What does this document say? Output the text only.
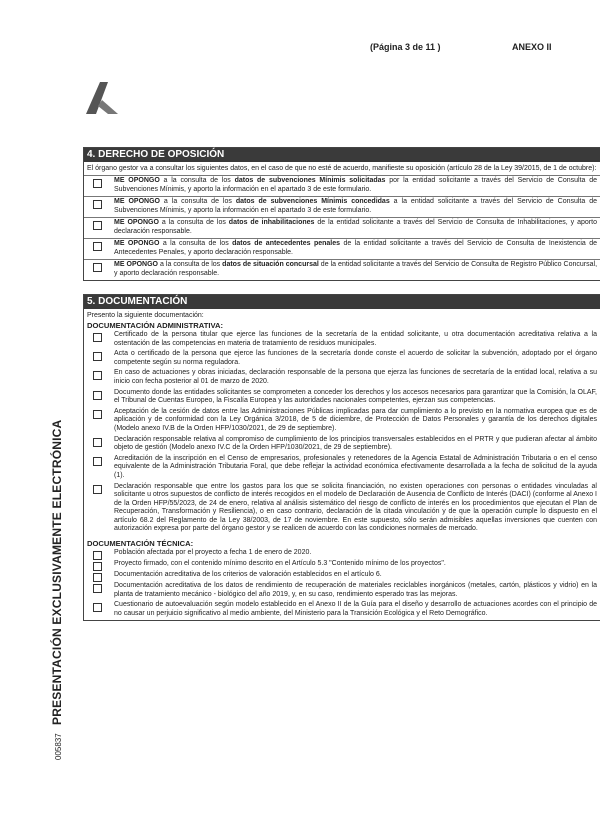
(Página 3 de 11 )	ANEXO II
PRESENTACIÓN EXCLUSIVAMENTE ELECTRÓNICA
005837
4. DERECHO DE OPOSICIÓN
El órgano gestor va a consultar los siguientes datos, en el caso de que no esté de acuerdo, manifieste su oposición (artículo 28 de la Ley 39/2015, de 1 de octubre):
ME OPONGO a la consulta de los datos de subvenciones Mínimis solicitadas por la entidad solicitante a través del Servicio de Consulta de Subvenciones Mínimis, y aporto la información en el apartado 3 de este formulario.
ME OPONGO a la consulta de los datos de subvenciones Mínimis concedidas a la entidad solicitante a través del Servicio de Consulta de Subvenciones Mínimis, y aporto la información en el apartado 3 de este formulario.
ME OPONGO a la consulta de los datos de inhabilitaciones de la entidad solicitante a través del Servicio de Consulta de Inhabilitaciones, y aporto declaración responsable.
ME OPONGO a la consulta de los datos de antecedentes penales de la entidad solicitante a través del Servicio de Consulta de Inexistencia de Antecedentes Penales, y aporto declaración responsable.
ME OPONGO a la consulta de los datos de situación concursal de la entidad solicitante a través del Servicio de Consulta de Registro Público Concursal, y aporto declaración responsable.
5. DOCUMENTACIÓN
Presento la siguiente documentación:
DOCUMENTACIÓN ADMINISTRATIVA:
Certificado de la persona titular que ejerce las funciones de la secretaría de la entidad solicitante, u otra documentación acreditativa relativa a la ostentación de las competencias en materia de tratamiento de residuos municipales.
Acta o certificado de la persona que ejerce las funciones de la secretaría donde conste el acuerdo de solicitar la subvención, adoptado por el órgano competente según su norma reguladora.
En caso de actuaciones y obras iniciadas, declaración responsable de la persona que ejerza las funciones de secretaría de la entidad local, relativa a su inicio con fecha posterior al 01 de marzo de 2020.
Documento donde las entidades solicitantes se comprometen a conceder los derechos y los accesos necesarios para garantizar que la Comisión, la OLAF, el Tribunal de Cuentas Europeo, la Fiscalía Europea y las autoridades nacionales competentes, ejerzan sus competencias.
Aceptación de la cesión de datos entre las Administraciones Públicas implicadas para dar cumplimiento a lo previsto en la normativa europea que es de aplicación y de conformidad con la Ley Orgánica 3/2018, de 5 de diciembre, de Protección de Datos Personales y garantía de los derechos digitales (Modelo anexo IV.B de la Orden HFP/1030/2021, de 29 de septiembre).
Declaración responsable relativa al compromiso de cumplimiento de los principios transversales establecidos en el PRTR y que pudieran afectar al ámbito objeto de gestión (Modelo anexo IV.C de la Orden HFP/1030/2021, de 29 de septiembre).
Acreditación de la inscripción en el Censo de empresarios, profesionales y retenedores de la Agencia Estatal de Administración Tributaria o en el censo equivalente de la Administración Tributaria Foral, que debe reflejar la actividad económica efectivamente desarrollada a la fecha de solicitud de la ayuda (1).
Declaración responsable que entre los gastos para los que se solicita financiación, no existen operaciones con personas o entidades vinculadas al solicitante u otros supuestos de conflicto de interés recogidos en el modelo de Declaración de Ausencia de Conflicto de Interés (DACI) (conforme al Anexo I de la Orden HFP/55/2023, de 24 de enero, relativa al análisis sistemático del riesgo de conflicto de interés en los procedimientos que ejecutan el Plan de Recuperación, Transformación y Resiliencia), o en caso contrario, declaración de la citada vinculación y de que la operación cumple lo dispuesto en el artículo 68.2 del Reglamento de la Ley 38/2003, de 17 de noviembre. En este supuesto, sólo serán admisibles aquellas inversiones que cuenten con autorización expresa por parte del órgano gestor y se realicen de acuerdo con las condiciones normales de mercado.
DOCUMENTACIÓN TÉCNICA:
Población afectada por el proyecto a fecha 1 de enero de 2020.
Proyecto firmado, con el contenido mínimo descrito en el Artículo 5.3 "Contenido mínimo de los proyectos".
Documentación acreditativa de los criterios de valoración establecidos en el artículo 6.
Documentación acreditativa de los datos de rendimiento de recuperación de materiales reciclables inorgánicos (metales, cartón, plásticos y vidrio) en la planta de tratamiento mecánico - biológico del año 2019, y, en su caso, rendimiento esperado tras las mejoras.
Cuestionario de autoevaluación según modelo establecido en el Anexo II de la Guía para el diseño y desarrollo de actuaciones acordes con el principio de no causar un perjuicio significativo al medio ambiente, del Ministerio para la Transición Ecológica y el Reto Demográfico.
